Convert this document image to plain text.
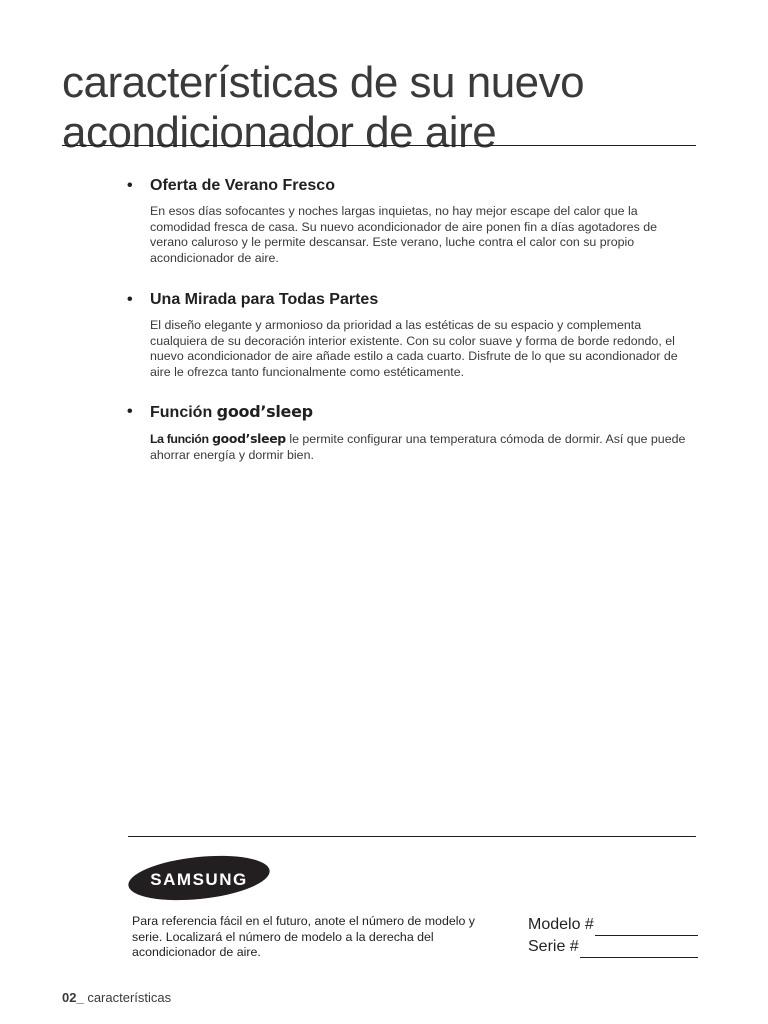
características de su nuevo
acondicionador de aire
• Oferta de Verano Fresco
En esos días sofocantes y noches largas inquietas, no hay mejor escape del calor que la comodidad fresca de casa. Su nuevo acondicionador de aire ponen fin a días agotadores de verano caluroso y le permite descansar. Este verano, luche contra el calor con su propio acondicionador de aire.
• Una Mirada para Todas Partes
El diseño elegante y armonioso da prioridad a las estéticas de su espacio y complementa cualquiera de su decoración interior existente. Con su color suave y forma de borde redondo, el nuevo acondicionador de aire añade estilo a cada cuarto. Disfrute de lo que su acondionador de aire le ofrezca tanto funcionalmente como estéticamente.
• Función good’sleep
La función good’sleep le permite configurar una temperatura cómoda de dormir. Así que puede ahorrar energía y dormir bien.
SAMSUNG
Para referencia fácil en el futuro, anote el número de modelo y serie. Localizará el número de modelo a la derecha del acondicionador de aire.
Modelo #
Serie #
02_ características
